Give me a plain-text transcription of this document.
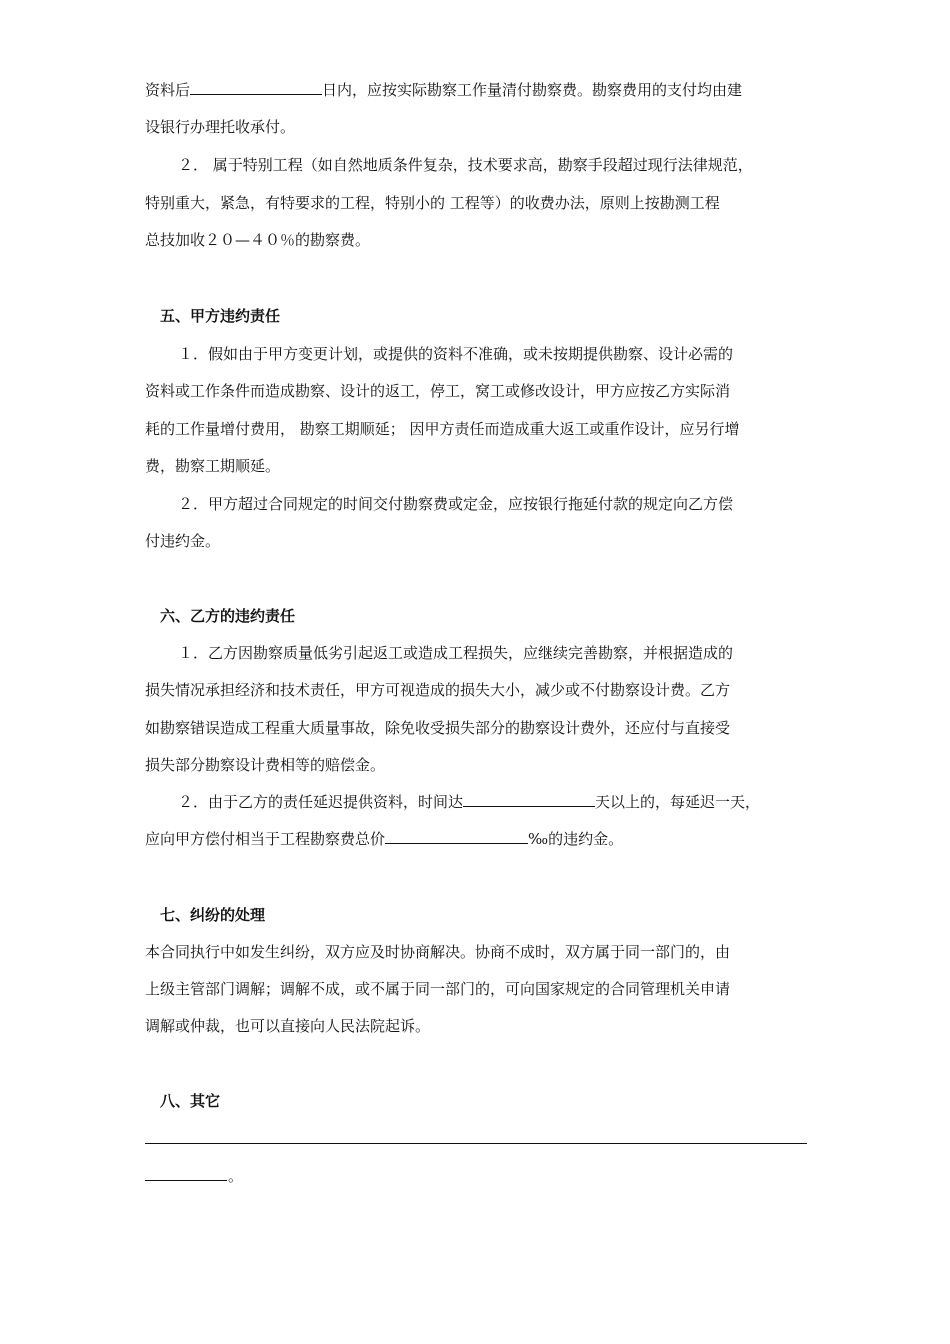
资料后	日内，应按实际勘察工作量清付勘察费。勘察费用的支付均由建
设银行办理托收承付。
２． 属于特别工程（如自然地质条件复杂，技术要求高，勘察手段超过现行法律规范，
特别重大，紧急，有特要求的工程，特别小的 工程等）的收费办法，原则上按勘测工程
总技加收２０—４０％的勘察费。
五、甲方违约责任
１．假如由于甲方变更计划，或提供的资料不准确，或未按期提供勘察、设计必需的
资料或工作条件而造成勘察、设计的返工，停工，窝工或修改设计，甲方应按乙方实际消
耗的工作量增付费用， 勘察工期顺延； 因甲方责任而造成重大返工或重作设计，应另行增
费，勘察工期顺延。
２．甲方超过合同规定的时间交付勘察费或定金，应按银行拖延付款的规定向乙方偿
付违约金。
六、乙方的违约责任
１．乙方因勘察质量低劣引起返工或造成工程损失，应继续完善勘察，并根据造成的
损失情况承担经济和技术责任，甲方可视造成的损失大小，减少或不付勘察设计费。乙方
如勘察错误造成工程重大质量事故，除免收受损失部分的勘察设计费外，还应付与直接受
损失部分勘察设计费相等的赔偿金。
２．由于乙方的责任延迟提供资料，时间达	天以上的，每延迟一天，
应向甲方偿付相当于工程勘察费总价	‰的违约金。
七、纠纷的处理
本合同执行中如发生纠纷，双方应及时协商解决。协商不成时，双方属于同一部门的，由
上级主管部门调解；调解不成，或不属于同一部门的，可向国家规定的合同管理机关申请
调解或仲裁，也可以直接向人民法院起诉。
八、其它
。
